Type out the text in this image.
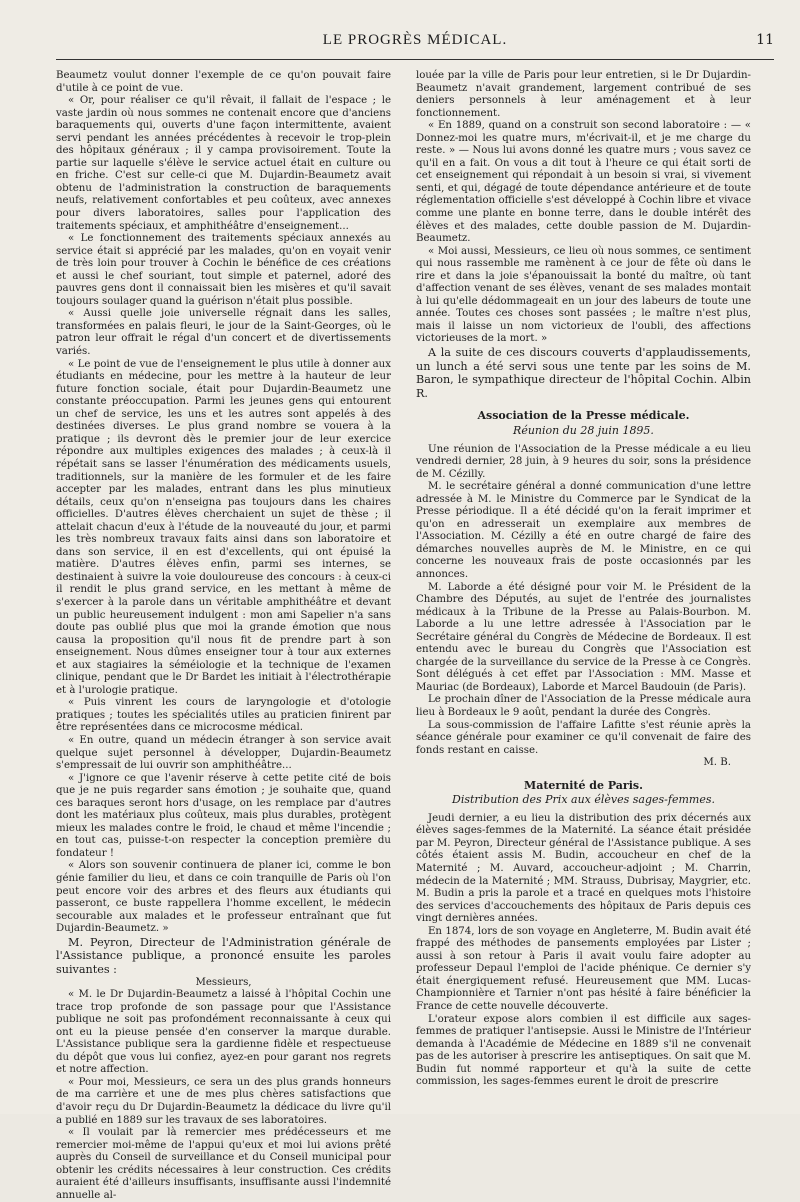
LE PROGRÈS MÉDICAL.	11

Beaumetz voulut donner l'exemple de ce qu'on pouvait faire d'utile à ce point de vue.

« Or, pour réaliser ce qu'il rêvait, il fallait de l'espace ; le vaste jardin où nous sommes ne contenait encore que d'anciens baraquements qui, ouverts d'une façon intermittente, avaient servi pendant les années précédentes à recevoir le trop-plein des hôpitaux généraux ; il y campa provisoirement. Toute la partie sur laquelle s'élève le service actuel était en culture ou en friche. C'est sur celle-ci que M. Dujardin-Beaumetz avait obtenu de l'administration la construction de baraquements neufs, relativement confortables et peu coûteux, avec annexes pour divers laboratoires, salles pour l'application des traitements spéciaux, et amphithéâtre d'enseignement...

« Le fonctionnement des traitements spéciaux annexés au service était si apprécié par les malades, qu'on en voyait venir de très loin pour trouver à Cochin le bénéfice de ces créations et aussi le chef souriant, tout simple et paternel, adoré des pauvres gens dont il connaissait bien les misères et qu'il savait toujours soulager quand la guérison n'était plus possible.

« Aussi quelle joie universelle régnait dans les salles, transformées en palais fleuri, le jour de la Saint-Georges, où le patron leur offrait le régal d'un concert et de divertissements variés.

« Le point de vue de l'enseignement le plus utile à donner aux étudiants en médecine, pour les mettre à la hauteur de leur future fonction sociale, était pour Dujardin-Beaumetz une constante préoccupation. Parmi les jeunes gens qui entourent un chef de service, les uns et les autres sont appelés à des destinées diverses. Le plus grand nombre se vouera à la pratique ; ils devront dès le premier jour de leur exercice répondre aux multiples exigences des malades ; à ceux-là il répétait sans se lasser l'énumération des médicaments usuels, traditionnels, sur la manière de les formuler et de les faire accepter par les malades, entrant dans les plus minutieux détails, ceux qu'on n'enseigna pas toujours dans les chaires officielles. D'autres élèves cherchaient un sujet de thèse ; il attelait chacun d'eux à l'étude de la nouveauté du jour, et parmi les très nombreux travaux faits ainsi dans son laboratoire et dans son service, il en est d'excellents, qui ont épuisé la matière. D'autres élèves enfin, parmi ses internes, se destinaient à suivre la voie douloureuse des concours : à ceux-ci il rendit le plus grand service, en les mettant à même de s'exercer à la parole dans un véritable amphithéâtre et devant un public heureusement indulgent : mon ami Sapelier n'a sans doute pas oublié plus que moi la grande émotion que nous causa la proposition qu'il nous fit de prendre part à son enseignement. Nous dûmes enseigner tour à tour aux externes et aux stagiaires la séméiologie et la technique de l'examen clinique, pendant que le Dr Bardet les initiait à l'électrothérapie et à l'urologie pratique.

« Puis vinrent les cours de laryngologie et d'otologie pratiques ; toutes les spécialités utiles au praticien finirent par être représentées dans ce microcosme médical.

« En outre, quand un médecin étranger à son service avait quelque sujet personnel à développer, Dujardin-Beaumetz s'empressait de lui ouvrir son amphithéâtre...

« J'ignore ce que l'avenir réserve à cette petite cité de bois que je ne puis regarder sans émotion ; je souhaite que, quand ces baraques seront hors d'usage, on les remplace par d'autres dont les matériaux plus coûteux, mais plus durables, protègent mieux les malades contre le froid, le chaud et même l'incendie ; en tout cas, puisse-t-on respecter la conception première du fondateur !

« Alors son souvenir continuera de planer ici, comme le bon génie familier du lieu, et dans ce coin tranquille de Paris où l'on peut encore voir des arbres et des fleurs aux étudiants qui passeront, ce buste rappellera l'homme excellent, le médecin secourable aux malades et le professeur entraînant que fut Dujardin-Beaumetz. »

M. Peyron, Directeur de l'Administration générale de l'Assistance publique, a prononcé ensuite les paroles suivantes :

Messieurs,

« M. le Dr Dujardin-Beaumetz a laissé à l'hôpital Cochin une trace trop profonde de son passage pour que l'Assistance publique ne soit pas profondément reconnaissante à ceux qui ont eu la pieuse pensée d'en conserver la marque durable. L'Assistance publique sera la gardienne fidèle et respectueuse du dépôt que vous lui confiez, ayez-en pour garant nos regrets et notre affection.

« Pour moi, Messieurs, ce sera un des plus grands honneurs de ma carrière et une de mes plus chères satisfactions que d'avoir reçu du Dr Dujardin-Beaumetz la dédicace du livre qu'il a publié en 1889 sur les travaux de ses laboratoires.

« Il voulait par là remercier mes prédécesseurs et me remercier moi-même de l'appui qu'eux et moi lui avions prêté auprès du Conseil de surveillance et du Conseil municipal pour obtenir les crédits nécessaires à leur construction. Ces crédits auraient été d'ailleurs insuffisants, insuffisante aussi l'indemnité annuelle al-

louée par la ville de Paris pour leur entretien, si le Dr Dujardin-Beaumetz n'avait grandement, largement contribué de ses deniers personnels à leur aménagement et à leur fonctionnement.

« En 1889, quand on a construit son second laboratoire : — « Donnez-moi les quatre murs, m'écrivait-il, et je me charge du reste. » — Nous lui avons donné les quatre murs ; vous savez ce qu'il en a fait. On vous a dit tout à l'heure ce qui était sorti de cet enseignement qui répondait à un besoin si vrai, si vivement senti, et qui, dégagé de toute dépendance antérieure et de toute réglementation officielle s'est développé à Cochin libre et vivace comme une plante en bonne terre, dans le double intérêt des élèves et des malades, cette double passion de M. Dujardin-Beaumetz.

« Moi aussi, Messieurs, ce lieu où nous sommes, ce sentiment qui nous rassemble me ramènent à ce jour de fête où dans le rire et dans la joie s'épanouissait la bonté du maître, où tant d'affection venant de ses élèves, venant de ses malades montait à lui qu'elle dédommageait en un jour des labeurs de toute une année. Toutes ces choses sont passées ; le maître n'est plus, mais il laisse un nom victorieux de l'oubli, des affections victorieuses de la mort. »

A la suite de ces discours couverts d'applaudissements, un lunch a été servi sous une tente par les soins de M. Baron, le sympathique directeur de l'hôpital Cochin. Albin R.

Association de la Presse médicale.
Réunion du 28 juin 1895.

Une réunion de l'Association de la Presse médicale a eu lieu vendredi dernier, 28 juin, à 9 heures du soir, sons la présidence de M. Cézilly.

M. le secrétaire général a donné communication d'une lettre adressée à M. le Ministre du Commerce par le Syndicat de la Presse périodique. Il a été décidé qu'on la ferait imprimer et qu'on en adresserait un exemplaire aux membres de l'Association. M. Cézilly a été en outre chargé de faire des démarches nouvelles auprès de M. le Ministre, en ce qui concerne les nouveaux frais de poste occasionnés par les annonces.

M. Laborde a été désigné pour voir M. le Président de la Chambre des Députés, au sujet de l'entrée des journalistes médicaux à la Tribune de la Presse au Palais-Bourbon. M. Laborde a lu une lettre adressée à l'Association par le Secrétaire général du Congrès de Médecine de Bordeaux. Il est entendu avec le bureau du Congrès que l'Association est chargée de la surveillance du service de la Presse à ce Congrès. Sont délégués à cet effet par l'Association : MM. Masse et Mauriac (de Bordeaux), Laborde et Marcel Baudouin (de Paris).

Le prochain dîner de l'Association de la Presse médicale aura lieu à Bordeaux le 9 août, pendant la durée des Congrès.

La sous-commission de l'affaire Lafitte s'est réunie après la séance générale pour examiner ce qu'il convenait de faire des fonds restant en caisse.

M. B.
Maternité de Paris.
Distribution des Prix aux élèves sages-femmes.

Jeudi dernier, a eu lieu la distribution des prix décernés aux élèves sages-femmes de la Maternité. La séance était présidée par M. Peyron, Directeur général de l'Assistance publique. A ses côtés étaient assis M. Budin, accoucheur en chef de la Maternité ; M. Auvard, accoucheur-adjoint ; M. Charrin, médecin de la Maternité ; MM. Strauss, Dubrisay, Maygrier, etc. M. Budin a pris la parole et a tracé en quelques mots l'histoire des services d'accouchements des hôpitaux de Paris depuis ces vingt dernières années.

En 1874, lors de son voyage en Angleterre, M. Budin avait été frappé des méthodes de pansements employées par Lister ; aussi à son retour à Paris il avait voulu faire adopter au professeur Depaul l'emploi de l'acide phénique. Ce dernier s'y était énergiquement refusé. Heureusement que MM. Lucas-Championnière et Tarnier n'ont pas hésité à faire bénéficier la France de cette nouvelle découverte.

L'orateur expose alors combien il est difficile aux sages-femmes de pratiquer l'antisepsie. Aussi le Ministre de l'Intérieur demanda à l'Académie de Médecine en 1889 s'il ne convenait pas de les autoriser à prescrire les antiseptiques. On sait que M. Budin fut nommé rapporteur et qu'à la suite de cette commission, les sages-femmes eurent le droit de prescrire
